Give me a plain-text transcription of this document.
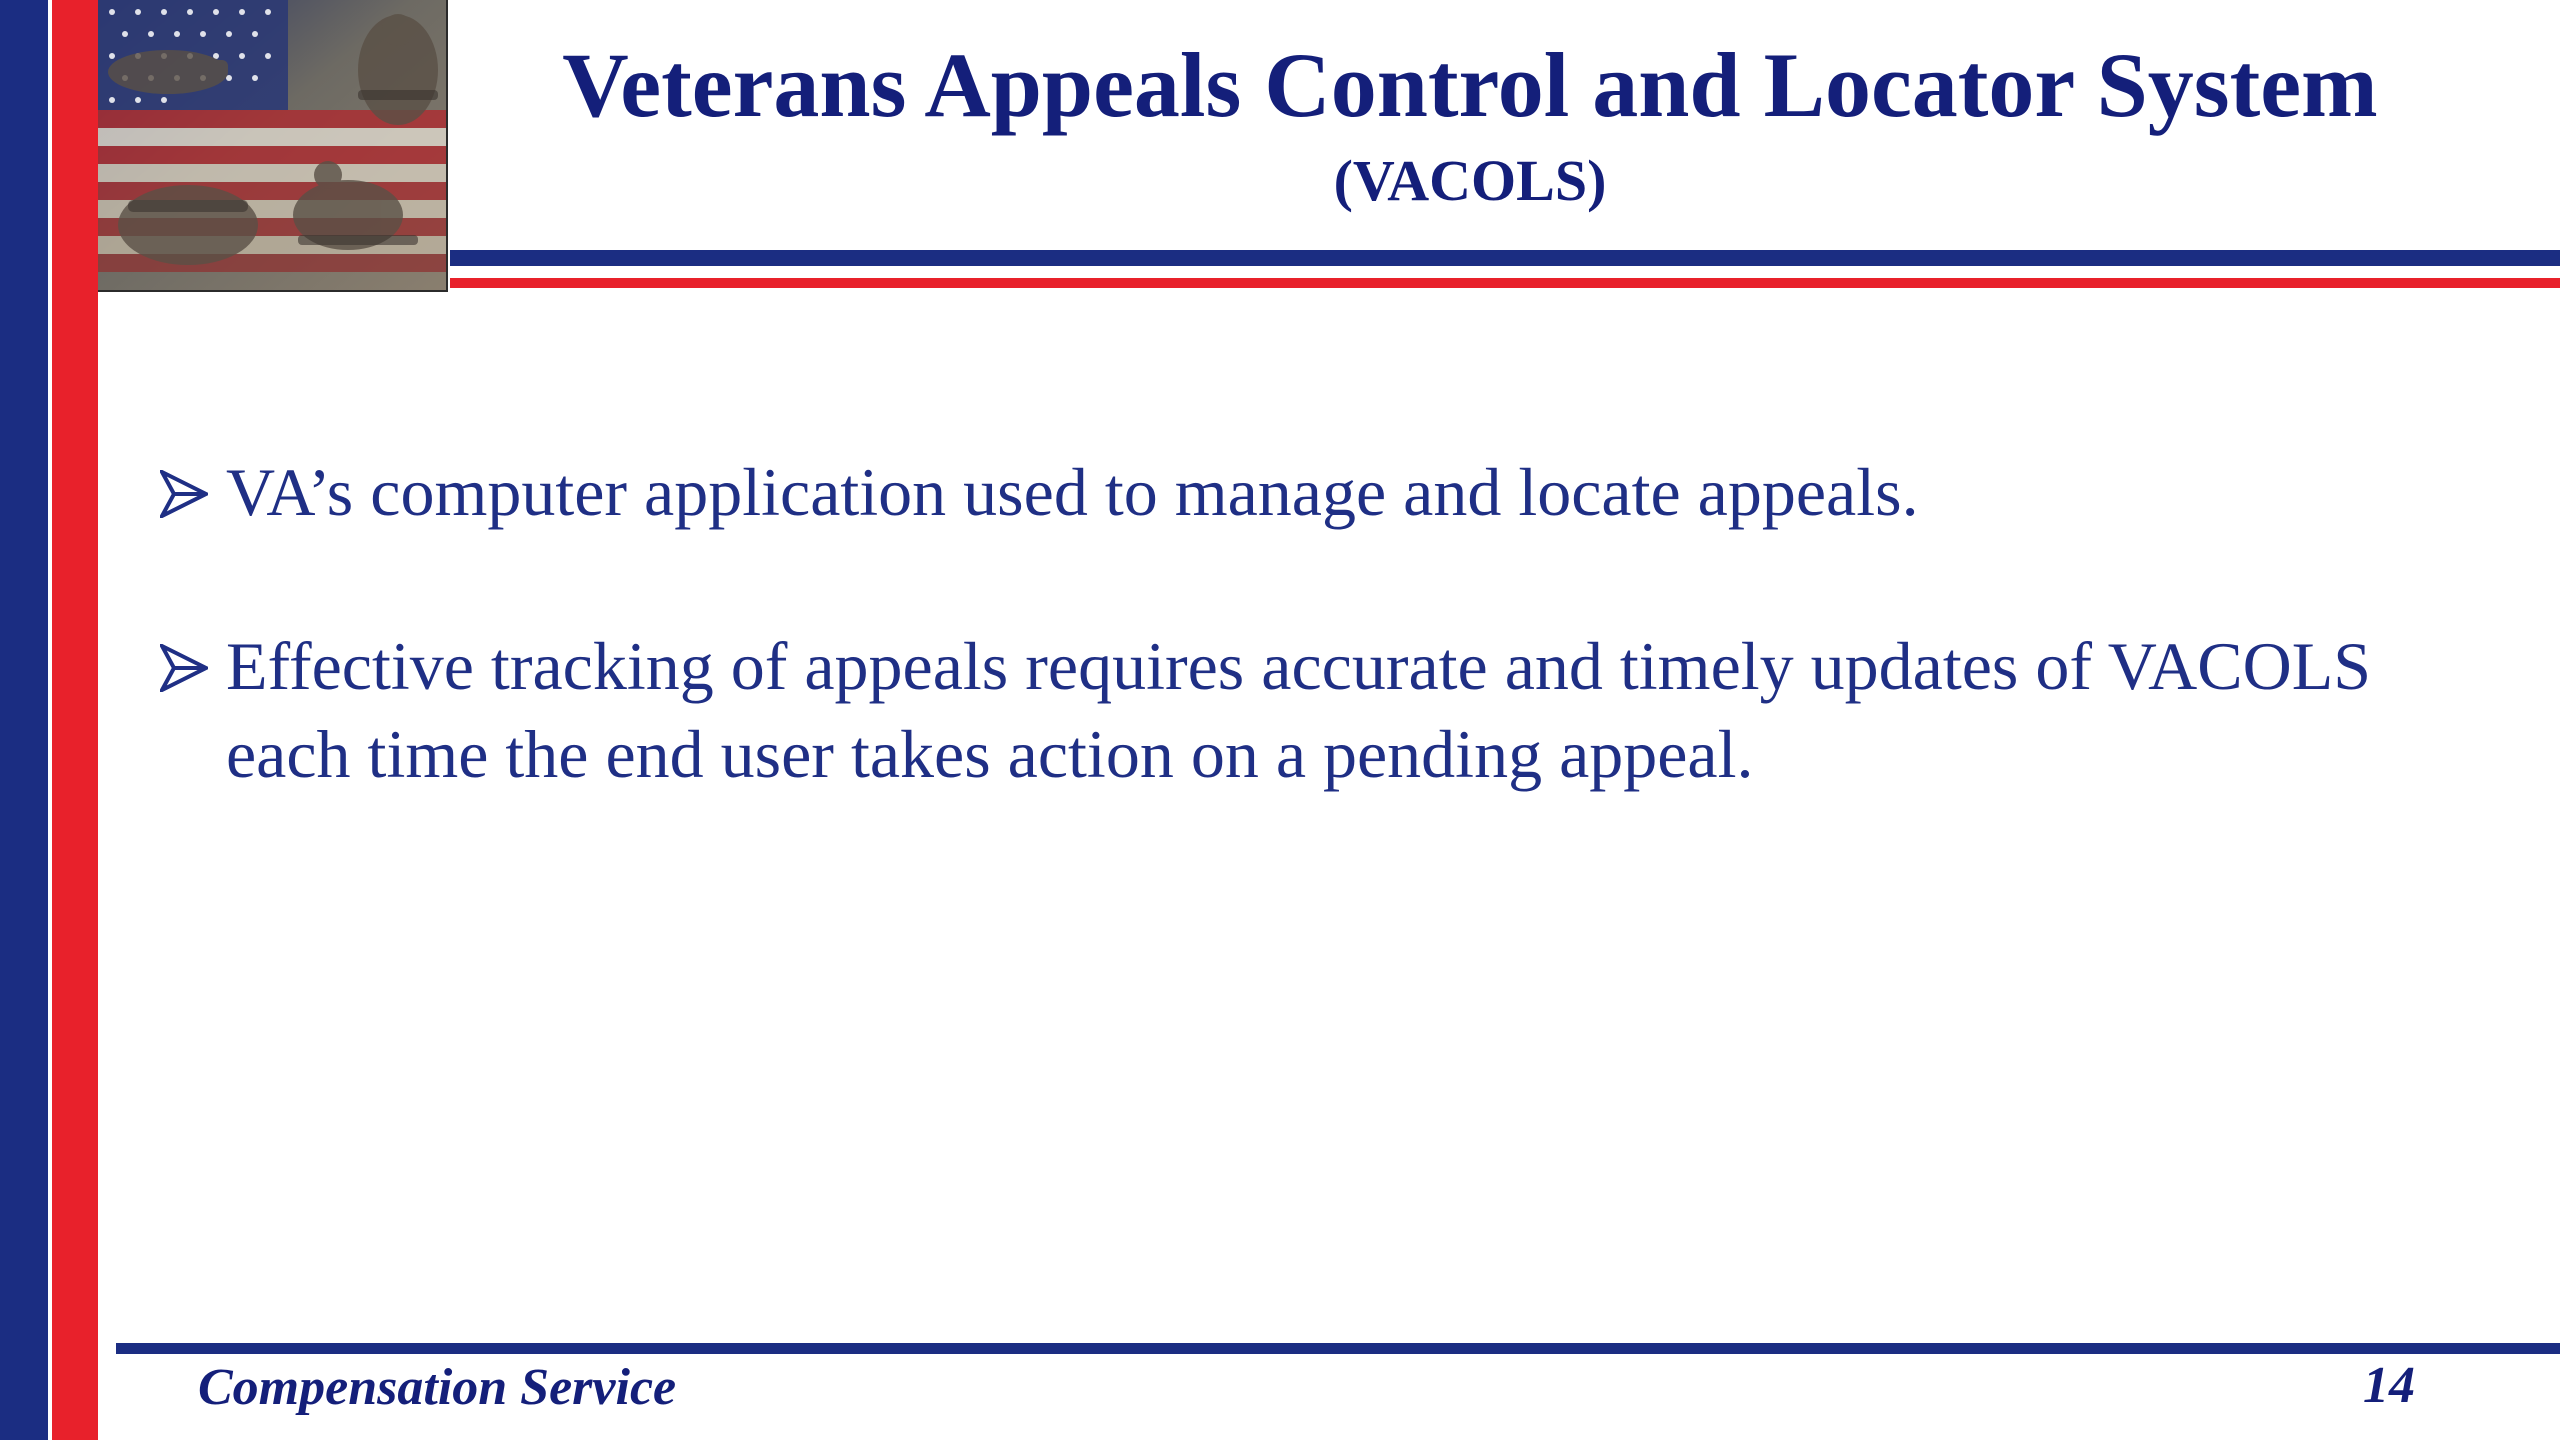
Veterans Appeals Control and Locator System
(VACOLS)
VA’s computer application used to manage and locate appeals.
Effective tracking of appeals requires accurate and timely updates of VACOLS each time the end user takes action on a pending appeal.
Compensation Service	14
